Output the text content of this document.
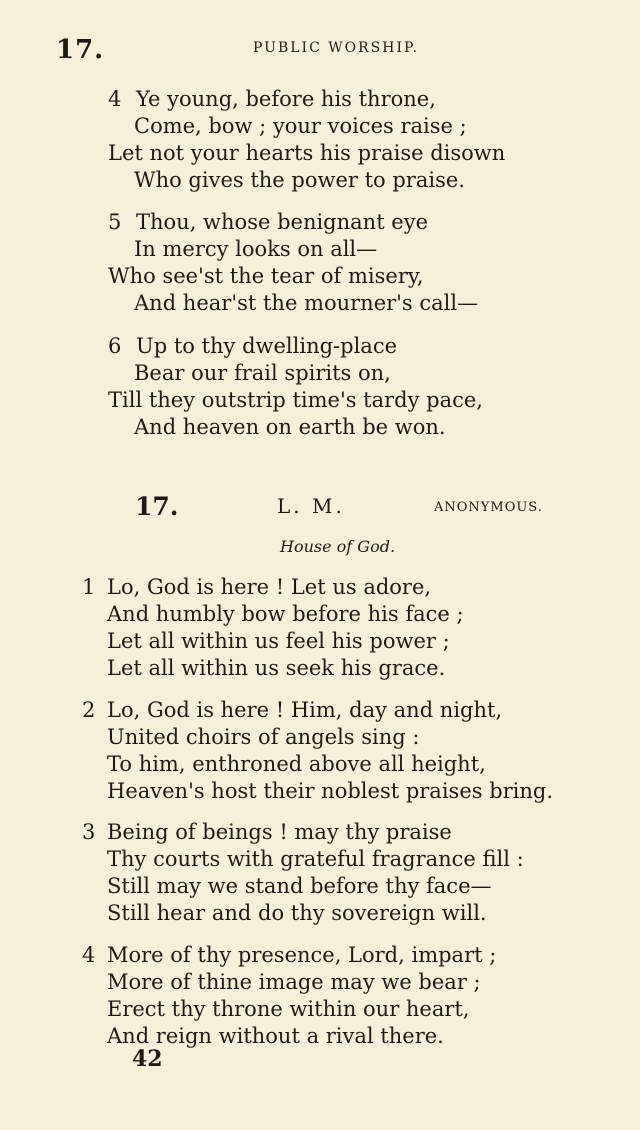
17.	PUBLIC WORSHIP.
4 Ye young, before his throne,
Come, bow ; your voices raise ;
Let not your hearts his praise disown
Who gives the power to praise.
5 Thou, whose benignant eye
In mercy looks on all—
Who see'st the tear of misery,
And hear'st the mourner's call—
6 Up to thy dwelling-place
Bear our frail spirits on,
Till they outstrip time's tardy pace,
And heaven on earth be won.
17.	L. M.	ANONYMOUS.
House of God.
1 Lo, God is here ! Let us adore,
And humbly bow before his face ;
Let all within us feel his power ;
Let all within us seek his grace.
2 Lo, God is here ! Him, day and night,
United choirs of angels sing :
To him, enthroned above all height,
Heaven's host their noblest praises bring.
3 Being of beings ! may thy praise
Thy courts with grateful fragrance fill :
Still may we stand before thy face—
Still hear and do thy sovereign will.
4 More of thy presence, Lord, impart ;
More of thine image may we bear ;
Erect thy throne within our heart,
And reign without a rival there.
42
